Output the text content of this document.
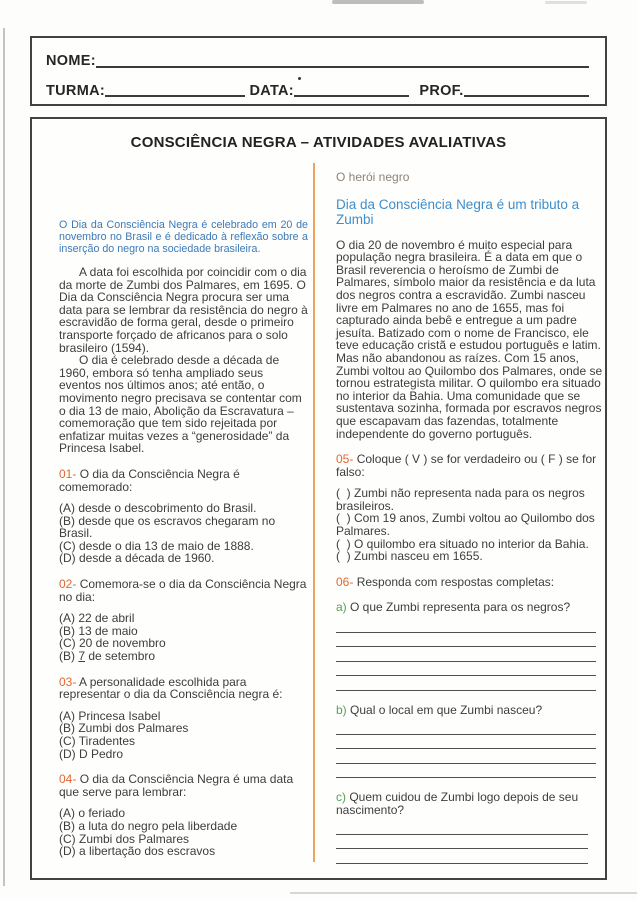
NOME:
TURMA:	DATA:	PROF.
CONSCIÊNCIA NEGRA – ATIVIDADES AVALIATIVAS

O Dia da Consciência Negra é celebrado em 20 de novembro no Brasil e é dedicado à reflexão sobre a inserção do negro na sociedade brasileira.

A data foi escolhida por coincidir com o dia da morte de Zumbi dos Palmares, em 1695. O Dia da Consciência Negra procura ser uma data para se lembrar da resistência do negro à escravidão de forma geral, desde o primeiro transporte forçado de africanos para o solo brasileiro (1594).

O dia é celebrado desde a década de 1960, embora só tenha ampliado seus eventos nos últimos anos; até então, o movimento negro precisava se contentar com o dia 13 de maio, Abolição da Escravatura – comemoração que tem sido rejeitada por enfatizar muitas vezes a “generosidade” da Princesa Isabel.

01- O dia da Consciência Negra é comemorado:

(A) desde o descobrimento do Brasil.
(B) desde que os escravos chegaram no Brasil.
(C) desde o dia 13 de maio de 1888.
(D) desde a década de 1960.

02- Comemora-se o dia da Consciência Negra no dia:

(A) 22 de abril
(B) 13 de maio
(C) 20 de novembro
(B) 7 de setembro

03- A personalidade escolhida para representar o dia da Consciência negra é:

(A) Princesa Isabel
(B) Zumbi dos Palmares
(C) Tiradentes
(D) D Pedro

04- O dia da Consciência Negra é uma data que serve para lembrar:

(A) o feriado
(B) a luta do negro pela liberdade
(C) Zumbi dos Palmares
(D) a libertação dos escravos

O herói negro

Dia da Consciência Negra é um tributo a Zumbi

O dia 20 de novembro é muito especial para população negra brasileira. É a data em que o Brasil reverencia o heroísmo de Zumbi de Palmares, símbolo maior da resistência e da luta dos negros contra a escravidão. Zumbi nasceu livre em Palmares no ano de 1655, mas foi capturado ainda bebê e entregue a um padre jesuíta. Batizado com o nome de Francisco, ele teve educação cristã e estudou português e latim. Mas não abandonou as raízes. Com 15 anos, Zumbi voltou ao Quilombo dos Palmares, onde se tornou estrategista militar. O quilombo era situado no interior da Bahia. Uma comunidade que se sustentava sozinha, formada por escravos negros que escapavam das fazendas, totalmente independente do governo português.

05- Coloque ( V ) se for verdadeiro ou ( F ) se for falso:

(  ) Zumbi não representa nada para os negros brasileiros.
(  ) Com 19 anos, Zumbi voltou ao Quilombo dos Palmares.
(  ) O quilombo era situado no interior da Bahia.
(  ) Zumbi nasceu em 1655.

06- Responda com respostas completas:

a) O que Zumbi representa para os negros?

b) Qual o local em que Zumbi nasceu?

c) Quem cuidou de Zumbi logo depois de seu nascimento?
